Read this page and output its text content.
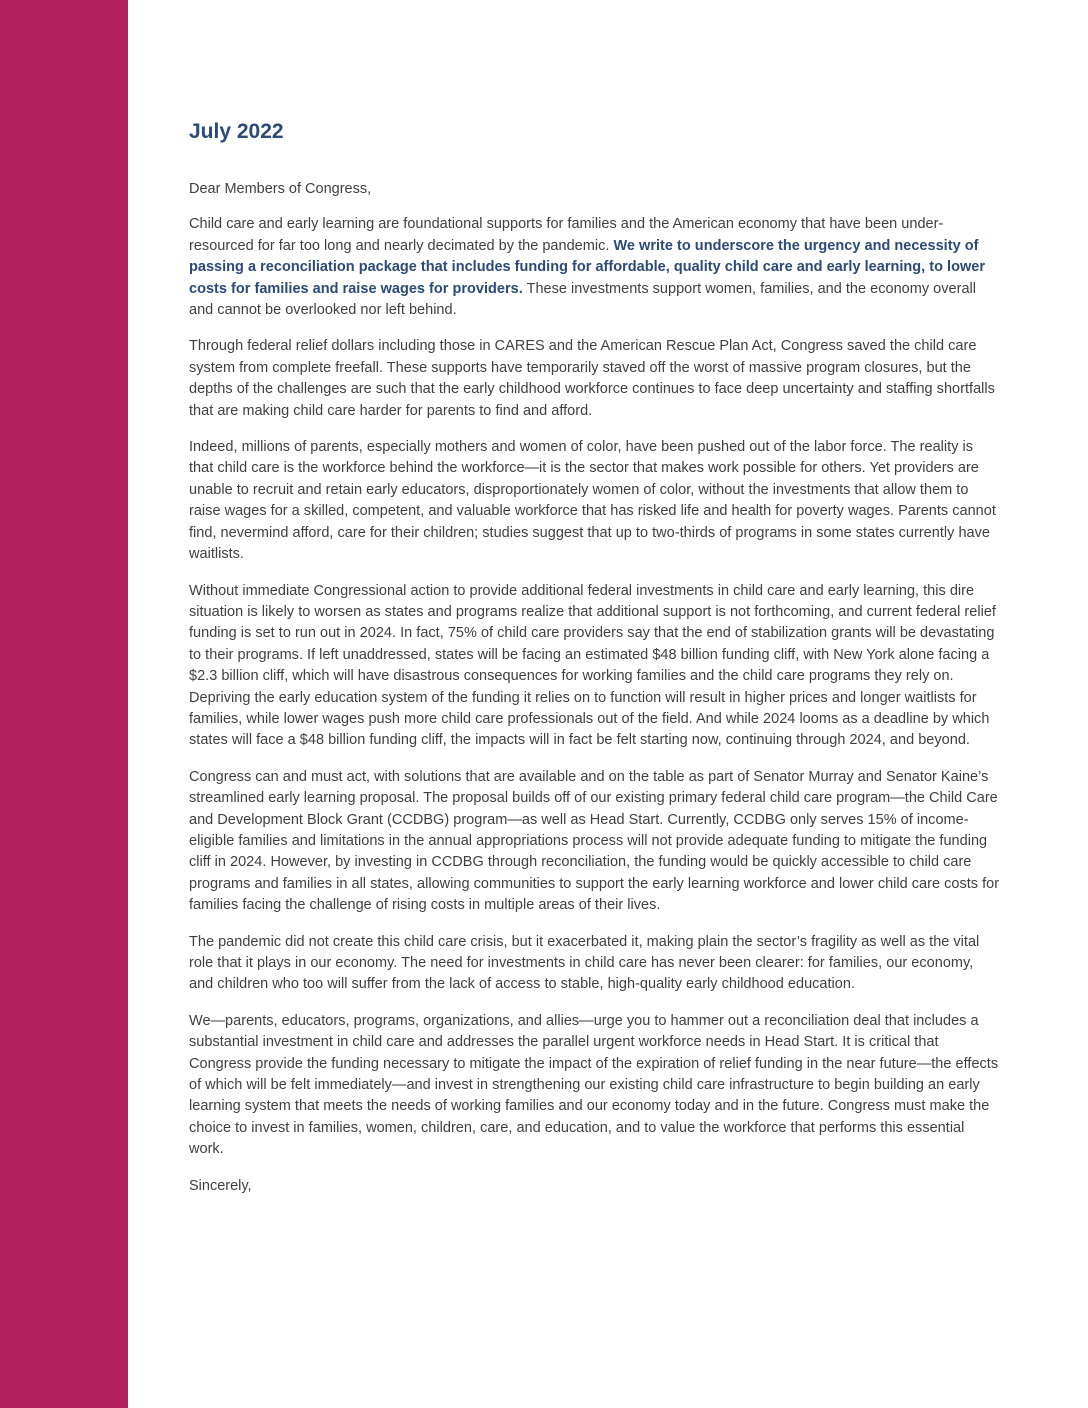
July 2022

Dear Members of Congress,

Child care and early learning are foundational supports for families and the American economy that have been under-resourced for far too long and nearly decimated by the pandemic. We write to underscore the urgency and necessity of passing a reconciliation package that includes funding for affordable, quality child care and early learning, to lower costs for families and raise wages for providers. These investments support women, families, and the economy overall and cannot be overlooked nor left behind.

Through federal relief dollars including those in CARES and the American Rescue Plan Act, Congress saved the child care system from complete freefall. These supports have temporarily staved off the worst of massive program closures, but the depths of the challenges are such that the early childhood workforce continues to face deep uncertainty and staffing shortfalls that are making child care harder for parents to find and afford.

Indeed, millions of parents, especially mothers and women of color, have been pushed out of the labor force. The reality is that child care is the workforce behind the workforce—it is the sector that makes work possible for others. Yet providers are unable to recruit and retain early educators, disproportionately women of color, without the investments that allow them to raise wages for a skilled, competent, and valuable workforce that has risked life and health for poverty wages. Parents cannot find, nevermind afford, care for their children; studies suggest that up to two-thirds of programs in some states currently have waitlists.

Without immediate Congressional action to provide additional federal investments in child care and early learning, this dire situation is likely to worsen as states and programs realize that additional support is not forthcoming, and current federal relief funding is set to run out in 2024. In fact, 75% of child care providers say that the end of stabilization grants will be devastating to their programs. If left unaddressed, states will be facing an estimated $48 billion funding cliff, with New York alone facing a $2.3 billion cliff, which will have disastrous consequences for working families and the child care programs they rely on. Depriving the early education system of the funding it relies on to function will result in higher prices and longer waitlists for families, while lower wages push more child care professionals out of the field. And while 2024 looms as a deadline by which states will face a $48 billion funding cliff, the impacts will in fact be felt starting now, continuing through 2024, and beyond.

Congress can and must act, with solutions that are available and on the table as part of Senator Murray and Senator Kaine’s streamlined early learning proposal. The proposal builds off of our existing primary federal child care program—the Child Care and Development Block Grant (CCDBG) program—as well as Head Start. Currently, CCDBG only serves 15% of income-eligible families and limitations in the annual appropriations process will not provide adequate funding to mitigate the funding cliff in 2024. However, by investing in CCDBG through reconciliation, the funding would be quickly accessible to child care programs and families in all states, allowing communities to support the early learning workforce and lower child care costs for families facing the challenge of rising costs in multiple areas of their lives.

The pandemic did not create this child care crisis, but it exacerbated it, making plain the sector’s fragility as well as the vital role that it plays in our economy. The need for investments in child care has never been clearer: for families, our economy, and children who too will suffer from the lack of access to stable, high-quality early childhood education.

We—parents, educators, programs, organizations, and allies—urge you to hammer out a reconciliation deal that includes a substantial investment in child care and addresses the parallel urgent workforce needs in Head Start. It is critical that Congress provide the funding necessary to mitigate the impact of the expiration of relief funding in the near future—the effects of which will be felt immediately—and invest in strengthening our existing child care infrastructure to begin building an early learning system that meets the needs of working families and our economy today and in the future. Congress must make the choice to invest in families, women, children, care, and education, and to value the workforce that performs this essential work.

Sincerely,
